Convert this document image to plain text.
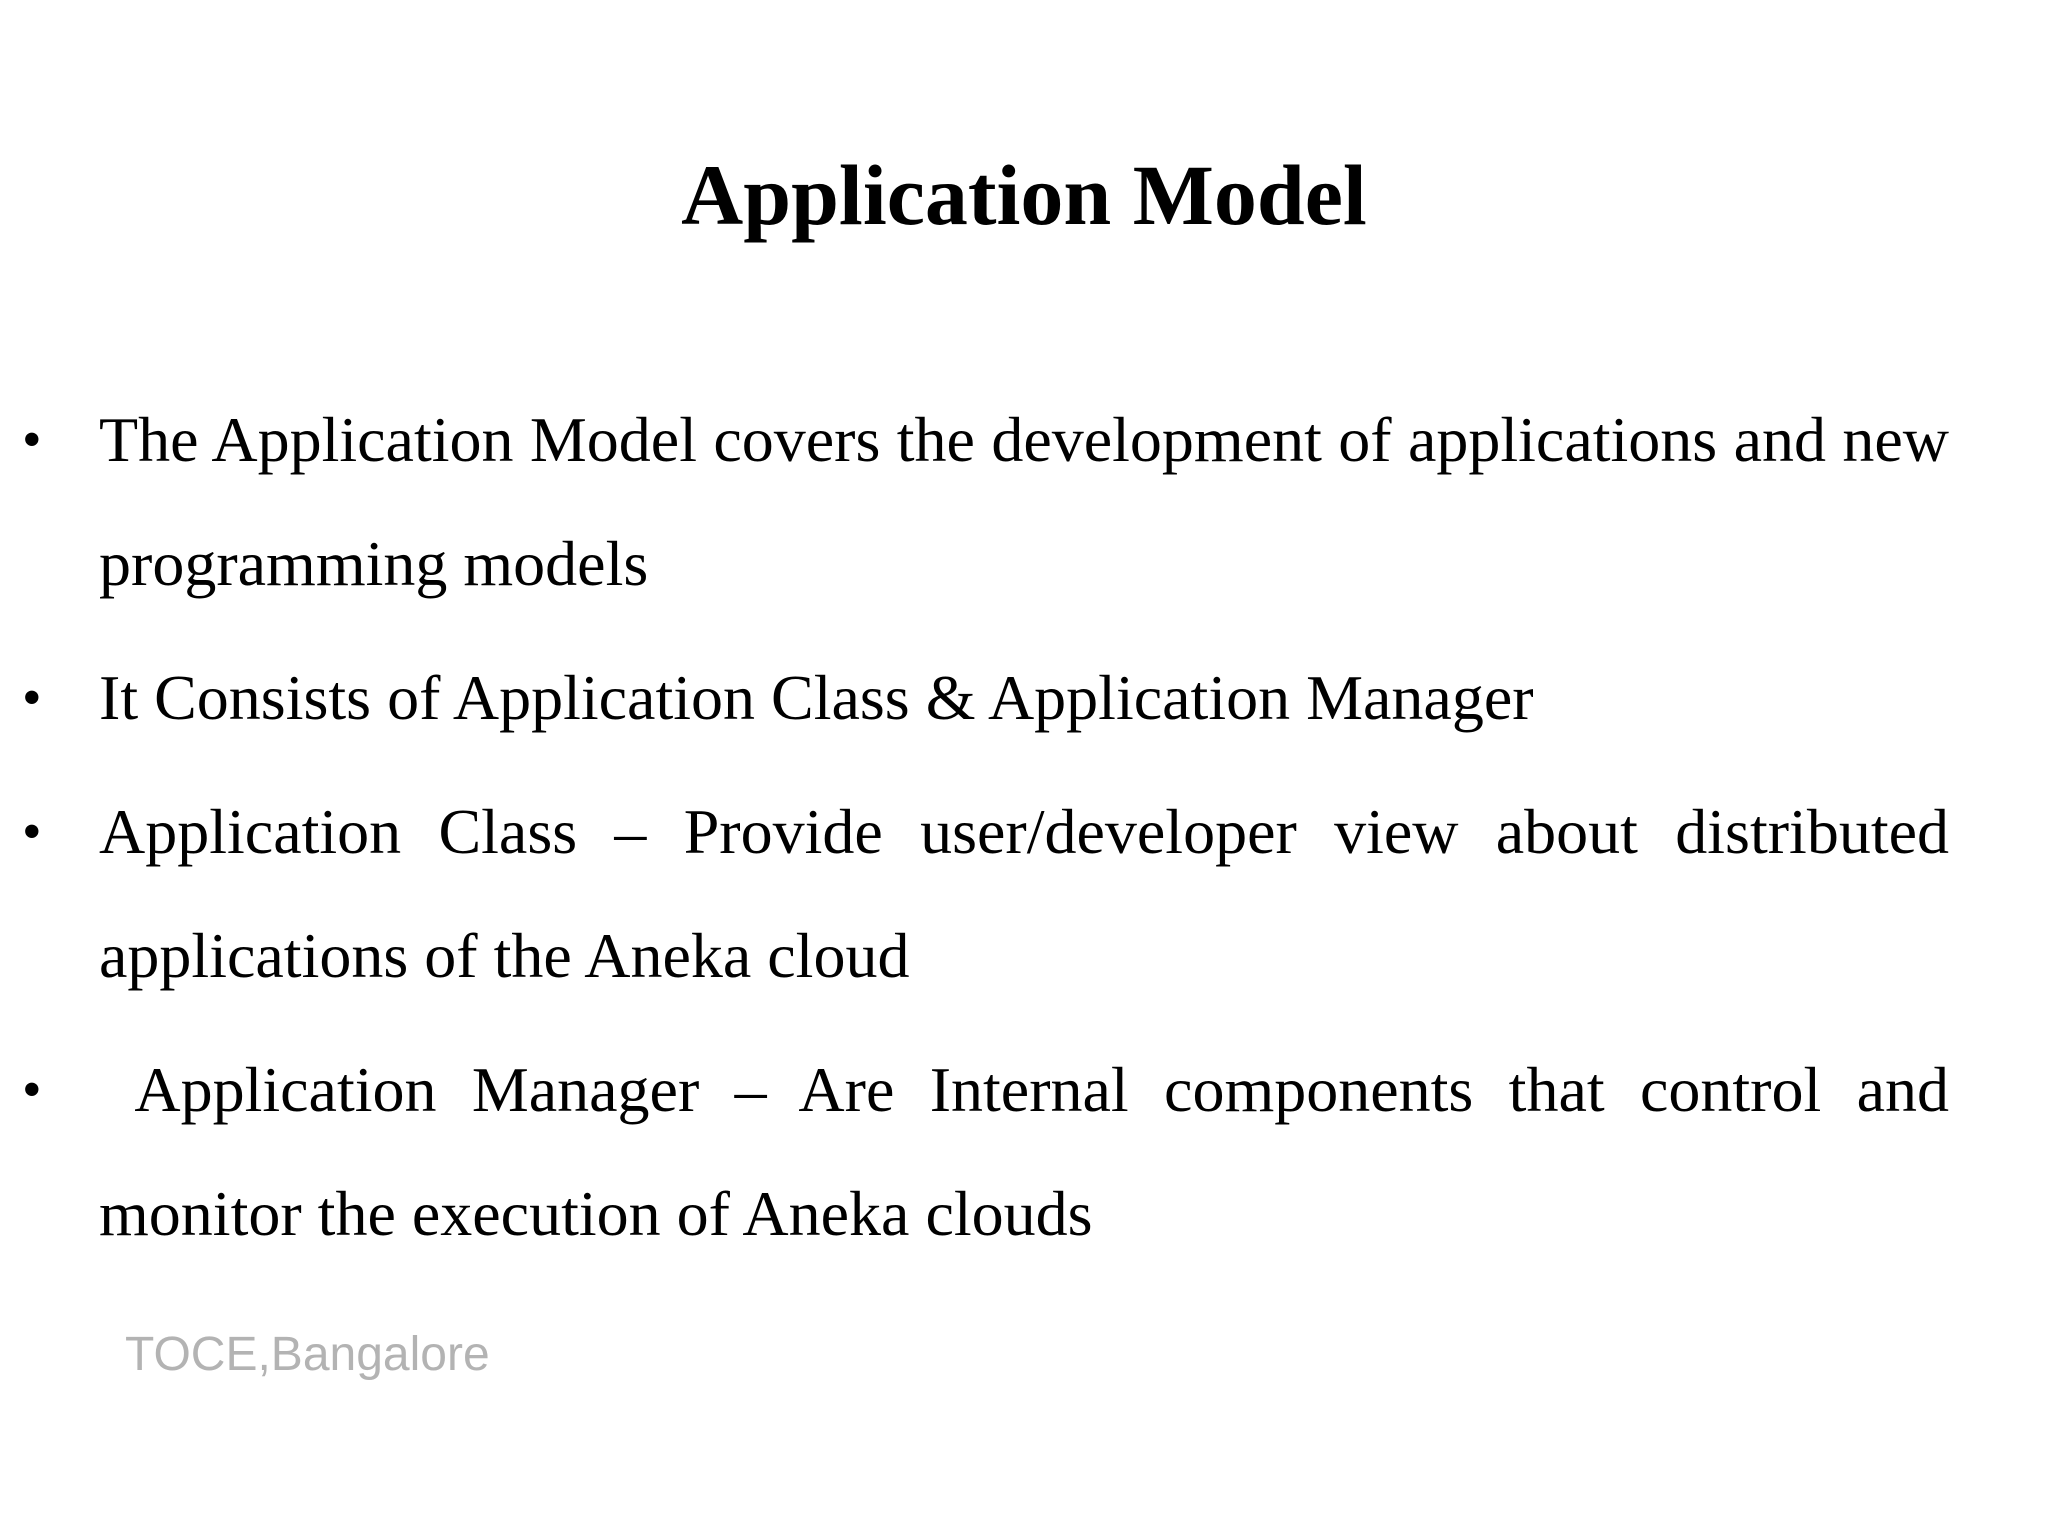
Application Model
• The Application Model covers the development of applications and new programming models
• It Consists of Application Class & Application Manager
• Application Class – Provide user/developer view about distributed applications of the Aneka cloud
• Application Manager – Are Internal components that control and monitor the execution of Aneka clouds
TOCE,Bangalore
